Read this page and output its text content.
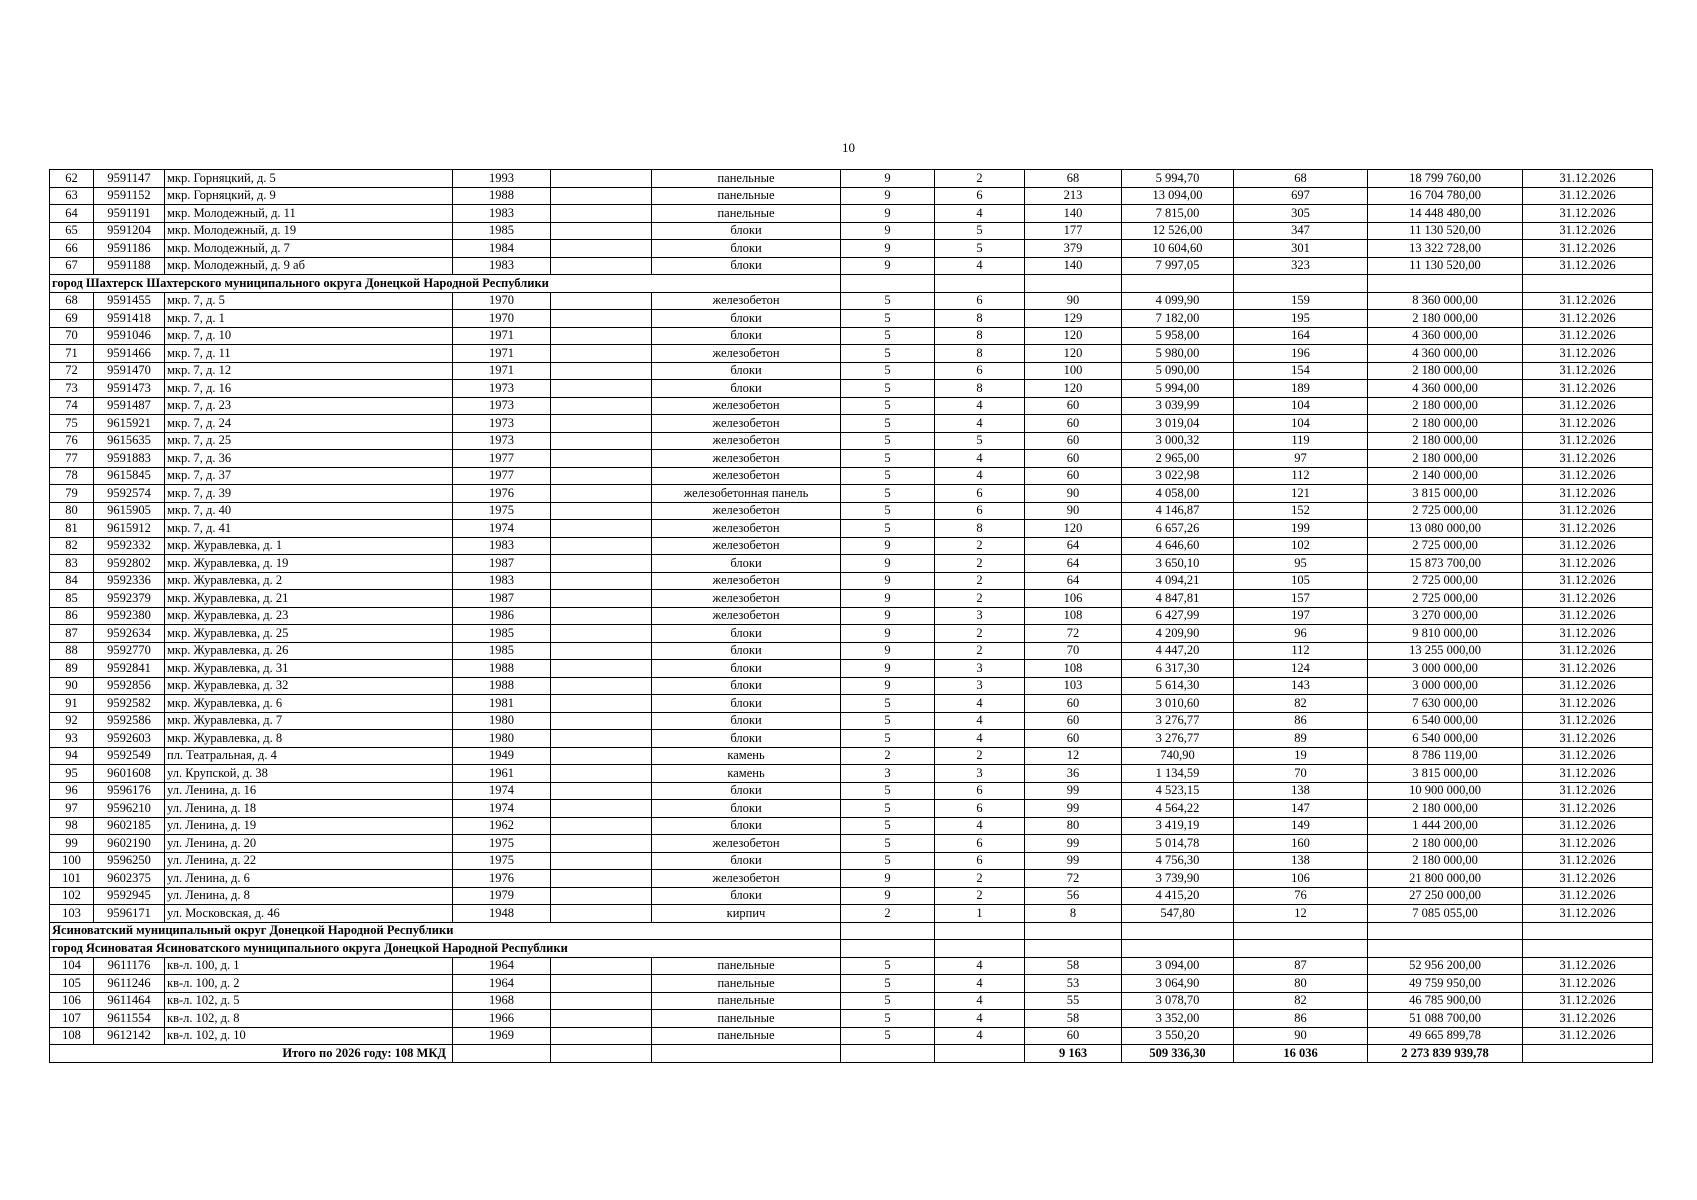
10
62	9591147	мкр. Горняцкий, д. 5	1993		панельные	9	2	68	5 994,70	68	18 799 760,00	31.12.2026
63	9591152	мкр. Горняцкий, д. 9	1988		панельные	9	6	213	13 094,00	697	16 704 780,00	31.12.2026
64	9591191	мкр. Молодежный, д. 11	1983		панельные	9	4	140	7 815,00	305	14 448 480,00	31.12.2026
65	9591204	мкр. Молодежный, д. 19	1985		блоки	9	5	177	12 526,00	347	11 130 520,00	31.12.2026
66	9591186	мкр. Молодежный, д. 7	1984		блоки	9	5	379	10 604,60	301	13 322 728,00	31.12.2026
67	9591188	мкр. Молодежный, д. 9 аб	1983		блоки	9	4	140	7 997,05	323	11 130 520,00	31.12.2026
город Шахтерск Шахтерского муниципального округа Донецкой Народной Республики												
68	9591455	мкр. 7, д. 5	1970		железобетон	5	6	90	4 099,90	159	8 360 000,00	31.12.2026
69	9591418	мкр. 7, д. 1	1970		блоки	5	8	129	7 182,00	195	2 180 000,00	31.12.2026
70	9591046	мкр. 7, д. 10	1971		блоки	5	8	120	5 958,00	164	4 360 000,00	31.12.2026
71	9591466	мкр. 7, д. 11	1971		железобетон	5	8	120	5 980,00	196	4 360 000,00	31.12.2026
72	9591470	мкр. 7, д. 12	1971		блоки	5	6	100	5 090,00	154	2 180 000,00	31.12.2026
73	9591473	мкр. 7, д. 16	1973		блоки	5	8	120	5 994,00	189	4 360 000,00	31.12.2026
74	9591487	мкр. 7, д. 23	1973		железобетон	5	4	60	3 039,99	104	2 180 000,00	31.12.2026
75	9615921	мкр. 7, д. 24	1973		железобетон	5	4	60	3 019,04	104	2 180 000,00	31.12.2026
76	9615635	мкр. 7, д. 25	1973		железобетон	5	5	60	3 000,32	119	2 180 000,00	31.12.2026
77	9591883	мкр. 7, д. 36	1977		железобетон	5	4	60	2 965,00	97	2 180 000,00	31.12.2026
78	9615845	мкр. 7, д. 37	1977		железобетон	5	4	60	3 022,98	112	2 140 000,00	31.12.2026
79	9592574	мкр. 7, д. 39	1976		железобетонная панель	5	6	90	4 058,00	121	3 815 000,00	31.12.2026
80	9615905	мкр. 7, д. 40	1975		железобетон	5	6	90	4 146,87	152	2 725 000,00	31.12.2026
81	9615912	мкр. 7, д. 41	1974		железобетон	5	8	120	6 657,26	199	13 080 000,00	31.12.2026
82	9592332	мкр. Журавлевка, д. 1	1983		железобетон	9	2	64	4 646,60	102	2 725 000,00	31.12.2026
83	9592802	мкр. Журавлевка, д. 19	1987		блоки	9	2	64	3 650,10	95	15 873 700,00	31.12.2026
84	9592336	мкр. Журавлевка, д. 2	1983		железобетон	9	2	64	4 094,21	105	2 725 000,00	31.12.2026
85	9592379	мкр. Журавлевка, д. 21	1987		железобетон	9	2	106	4 847,81	157	2 725 000,00	31.12.2026
86	9592380	мкр. Журавлевка, д. 23	1986		железобетон	9	3	108	6 427,99	197	3 270 000,00	31.12.2026
87	9592634	мкр. Журавлевка, д. 25	1985		блоки	9	2	72	4 209,90	96	9 810 000,00	31.12.2026
88	9592770	мкр. Журавлевка, д. 26	1985		блоки	9	2	70	4 447,20	112	13 255 000,00	31.12.2026
89	9592841	мкр. Журавлевка, д. 31	1988		блоки	9	3	108	6 317,30	124	3 000 000,00	31.12.2026
90	9592856	мкр. Журавлевка, д. 32	1988		блоки	9	3	103	5 614,30	143	3 000 000,00	31.12.2026
91	9592582	мкр. Журавлевка, д. 6	1981		блоки	5	4	60	3 010,60	82	7 630 000,00	31.12.2026
92	9592586	мкр. Журавлевка, д. 7	1980		блоки	5	4	60	3 276,77	86	6 540 000,00	31.12.2026
93	9592603	мкр. Журавлевка, д. 8	1980		блоки	5	4	60	3 276,77	89	6 540 000,00	31.12.2026
94	9592549	пл. Театральная, д. 4	1949		камень	2	2	12	740,90	19	8 786 119,00	31.12.2026
95	9601608	ул. Крупской, д. 38	1961		камень	3	3	36	1 134,59	70	3 815 000,00	31.12.2026
96	9596176	ул. Ленина, д. 16	1974		блоки	5	6	99	4 523,15	138	10 900 000,00	31.12.2026
97	9596210	ул. Ленина, д. 18	1974		блоки	5	6	99	4 564,22	147	2 180 000,00	31.12.2026
98	9602185	ул. Ленина, д. 19	1962		блоки	5	4	80	3 419,19	149	1 444 200,00	31.12.2026
99	9602190	ул. Ленина, д. 20	1975		железобетон	5	6	99	5 014,78	160	2 180 000,00	31.12.2026
100	9596250	ул. Ленина, д. 22	1975		блоки	5	6	99	4 756,30	138	2 180 000,00	31.12.2026
101	9602375	ул. Ленина, д. 6	1976		железобетон	9	2	72	3 739,90	106	21 800 000,00	31.12.2026
102	9592945	ул. Ленина, д. 8	1979		блоки	9	2	56	4 415,20	76	27 250 000,00	31.12.2026
103	9596171	ул. Московская, д. 46	1948		кирпич	2	1	8	547,80	12	7 085 055,00	31.12.2026
Ясиноватский муниципальный округ Донецкой Народной Республики												
город Ясиноватая Ясиноватского муниципального округа Донецкой Народной Республики												
104	9611176	кв-л. 100, д. 1	1964		панельные	5	4	58	3 094,00	87	52 956 200,00	31.12.2026
105	9611246	кв-л. 100, д. 2	1964		панельные	5	4	53	3 064,90	80	49 759 950,00	31.12.2026
106	9611464	кв-л. 102, д. 5	1968		панельные	5	4	55	3 078,70	82	46 785 900,00	31.12.2026
107	9611554	кв-л. 102, д. 8	1966		панельные	5	4	58	3 352,00	86	51 088 700,00	31.12.2026
108	9612142	кв-л. 102, д. 10	1969		панельные	5	4	60	3 550,20	90	49 665 899,78	31.12.2026
Итого по 2026 году: 108 МКД								9 163	509 336,30	16 036	2 273 839 939,78	
